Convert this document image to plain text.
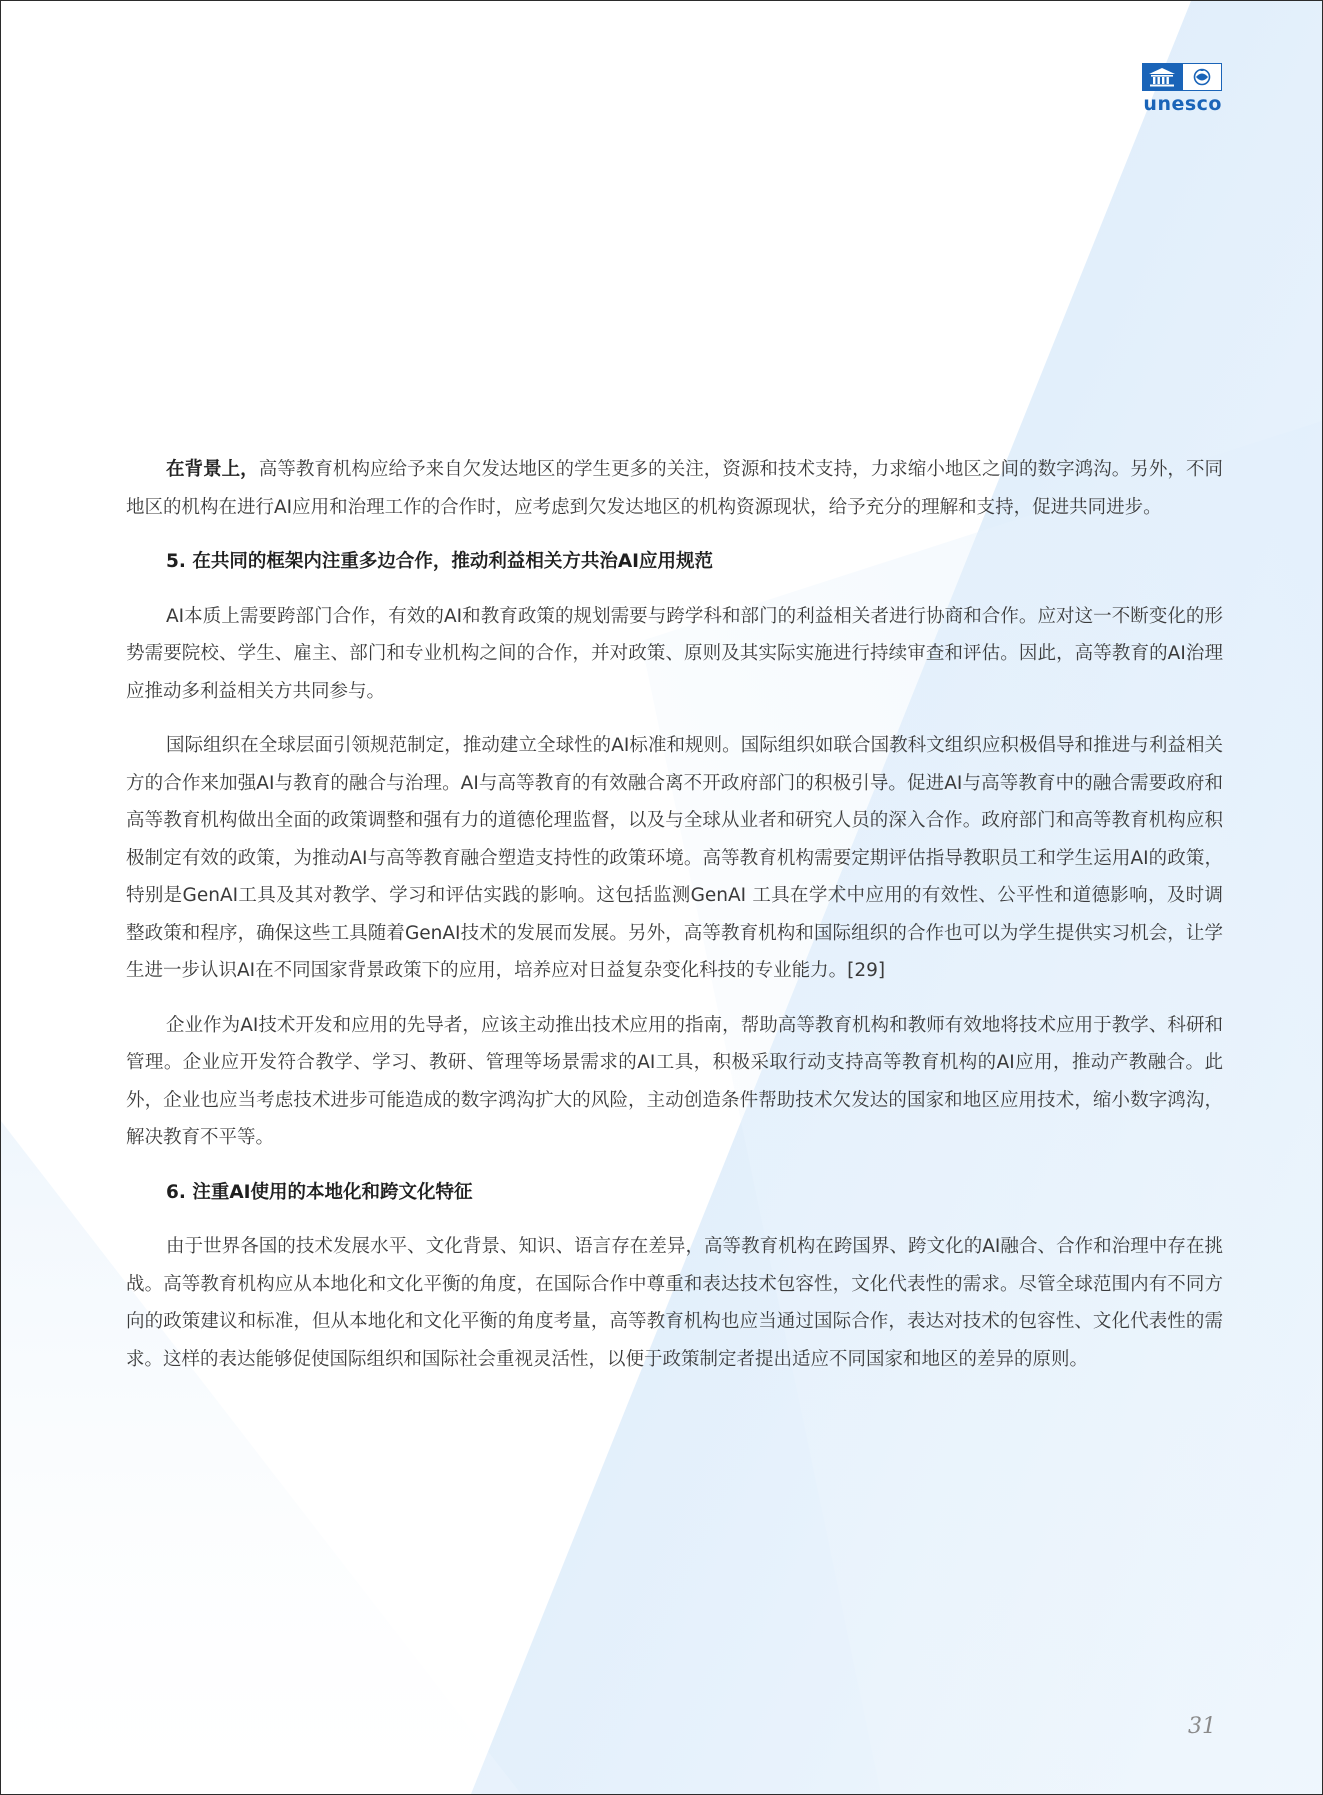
unesco

在背景上，高等教育机构应给予来自欠发达地区的学生更多的关注，资源和技术支持，力求缩小地区之间的数字鸿沟。另外，不同地区的机构在进行AI应用和治理工作的合作时，应考虑到欠发达地区的机构资源现状，给予充分的理解和支持，促进共同进步。

5. 在共同的框架内注重多边合作，推动利益相关方共治AI应用规范

AI本质上需要跨部门合作，有效的AI和教育政策的规划需要与跨学科和部门的利益相关者进行协商和合作。应对这一不断变化的形势需要院校、学生、雇主、部门和专业机构之间的合作，并对政策、原则及其实际实施进行持续审查和评估。因此，高等教育的AI治理应推动多利益相关方共同参与。

国际组织在全球层面引领规范制定，推动建立全球性的AI标准和规则。国际组织如联合国教科文组织应积极倡导和推进与利益相关方的合作来加强AI与教育的融合与治理。AI与高等教育的有效融合离不开政府部门的积极引导。促进AI与高等教育中的融合需要政府和高等教育机构做出全面的政策调整和强有力的道德伦理监督，以及与全球从业者和研究人员的深入合作。政府部门和高等教育机构应积极制定有效的政策，为推动AI与高等教育融合塑造支持性的政策环境。高等教育机构需要定期评估指导教职员工和学生运用AI的政策，特别是GenAI工具及其对教学、学习和评估实践的影响。这包括监测GenAI 工具在学术中应用的有效性、公平性和道德影响，及时调整政策和程序，确保这些工具随着GenAI技术的发展而发展。另外，高等教育机构和国际组织的合作也可以为学生提供实习机会，让学生进一步认识AI在不同国家背景政策下的应用，培养应对日益复杂变化科技的专业能力。[29]

企业作为AI技术开发和应用的先导者，应该主动推出技术应用的指南，帮助高等教育机构和教师有效地将技术应用于教学、科研和管理。企业应开发符合教学、学习、教研、管理等场景需求的AI工具，积极采取行动支持高等教育机构的AI应用，推动产教融合。此外，企业也应当考虑技术进步可能造成的数字鸿沟扩大的风险，主动创造条件帮助技术欠发达的国家和地区应用技术，缩小数字鸿沟，解决教育不平等。

6. 注重AI使用的本地化和跨文化特征

由于世界各国的技术发展水平、文化背景、知识、语言存在差异，高等教育机构在跨国界、跨文化的AI融合、合作和治理中存在挑战。高等教育机构应从本地化和文化平衡的角度，在国际合作中尊重和表达技术包容性，文化代表性的需求。尽管全球范围内有不同方向的政策建议和标准，但从本地化和文化平衡的角度考量，高等教育机构也应当通过国际合作，表达对技术的包容性、文化代表性的需求。这样的表达能够促使国际组织和国际社会重视灵活性，以便于政策制定者提出适应不同国家和地区的差异的原则。

31
